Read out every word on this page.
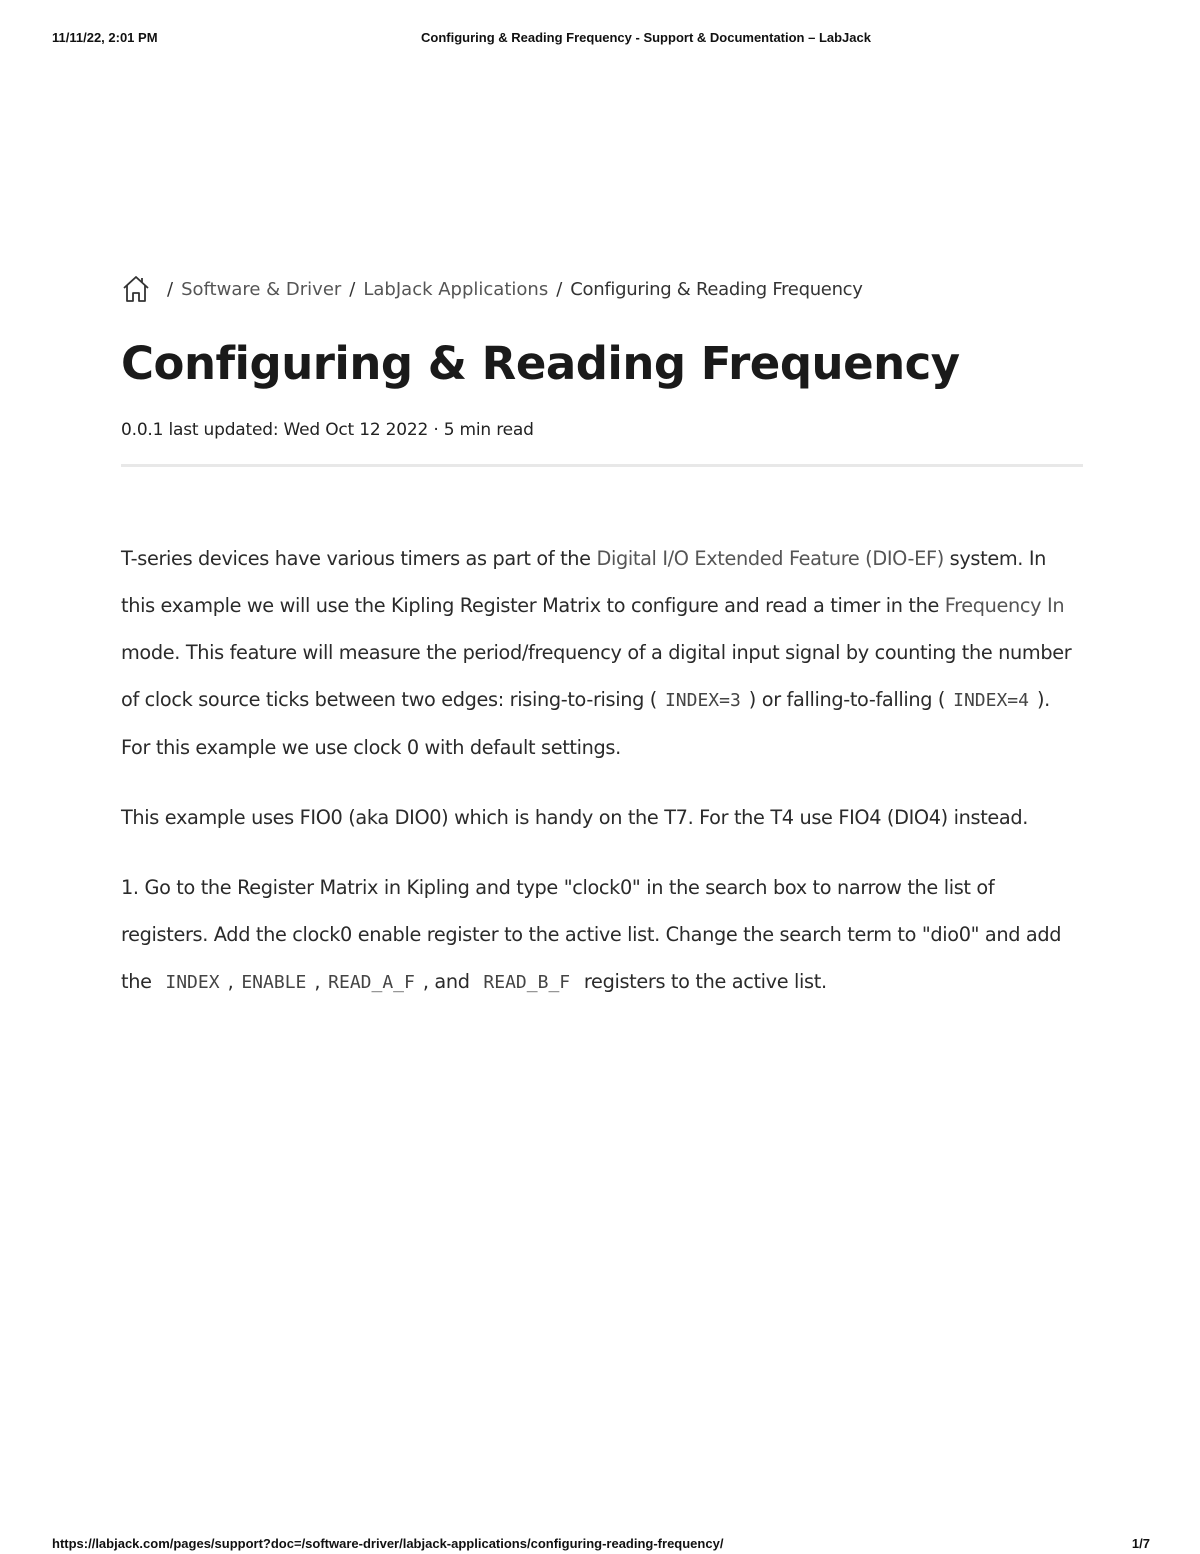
11/11/22, 2:01 PM	Configuring & Reading Frequency - Support & Documentation – LabJack
/ Software & Driver / LabJack Applications / Configuring & Reading Frequency
Configuring & Reading Frequency
0.0.1 last updated: Wed Oct 12 2022 · 5 min read

T-series devices have various timers as part of the Digital I/O Extended Feature (DIO-EF) system. In this example we will use the Kipling Register Matrix to configure and read a timer in the Frequency In mode. This feature will measure the period/frequency of a digital input signal by counting the number of clock source ticks between two edges: rising-to-rising ( INDEX=3 ) or falling-to-falling ( INDEX=4 ). For this example we use clock 0 with default settings.

This example uses FIO0 (aka DIO0) which is handy on the T7. For the T4 use FIO4 (DIO4) instead.

1. Go to the Register Matrix in Kipling and type "clock0" in the search box to narrow the list of registers. Add the clock0 enable register to the active list. Change the search term to "dio0" and add the INDEX , ENABLE , READ_A_F , and READ_B_F registers to the active list.

https://labjack.com/pages/support?doc=/software-driver/labjack-applications/configuring-reading-frequency/	1/7
